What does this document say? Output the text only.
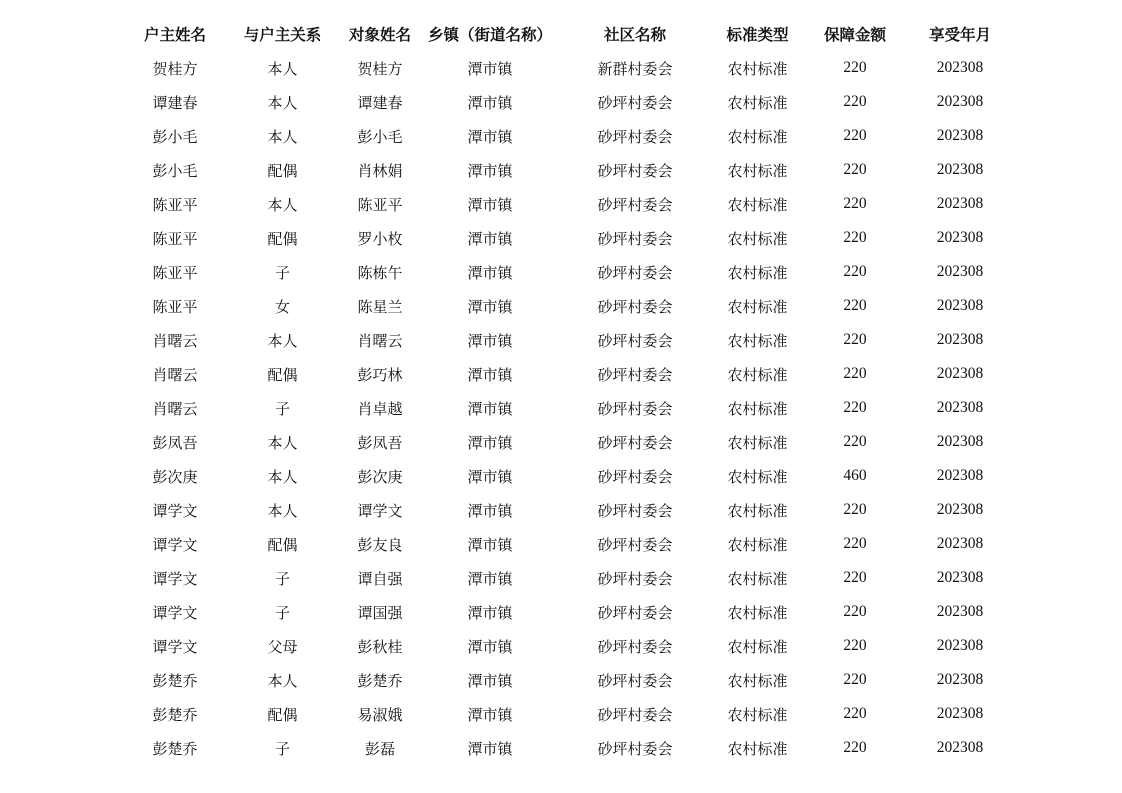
户主姓名	与户主关系	对象姓名	乡镇（街道名称）	社区名称	标准类型	保障金额	享受年月
贺桂方	本人	贺桂方	潭市镇	新群村委会	农村标准	220	202308
谭建春	本人	谭建春	潭市镇	砂坪村委会	农村标准	220	202308
彭小毛	本人	彭小毛	潭市镇	砂坪村委会	农村标准	220	202308
彭小毛	配偶	肖林娟	潭市镇	砂坪村委会	农村标准	220	202308
陈亚平	本人	陈亚平	潭市镇	砂坪村委会	农村标准	220	202308
陈亚平	配偶	罗小枚	潭市镇	砂坪村委会	农村标准	220	202308
陈亚平	子	陈栋午	潭市镇	砂坪村委会	农村标准	220	202308
陈亚平	女	陈星兰	潭市镇	砂坪村委会	农村标准	220	202308
肖曙云	本人	肖曙云	潭市镇	砂坪村委会	农村标准	220	202308
肖曙云	配偶	彭巧林	潭市镇	砂坪村委会	农村标准	220	202308
肖曙云	子	肖卓越	潭市镇	砂坪村委会	农村标准	220	202308
彭凤吾	本人	彭凤吾	潭市镇	砂坪村委会	农村标准	220	202308
彭次庚	本人	彭次庚	潭市镇	砂坪村委会	农村标准	460	202308
谭学文	本人	谭学文	潭市镇	砂坪村委会	农村标准	220	202308
谭学文	配偶	彭友良	潭市镇	砂坪村委会	农村标准	220	202308
谭学文	子	谭自强	潭市镇	砂坪村委会	农村标准	220	202308
谭学文	子	谭国强	潭市镇	砂坪村委会	农村标准	220	202308
谭学文	父母	彭秋桂	潭市镇	砂坪村委会	农村标准	220	202308
彭楚乔	本人	彭楚乔	潭市镇	砂坪村委会	农村标准	220	202308
彭楚乔	配偶	易淑娥	潭市镇	砂坪村委会	农村标准	220	202308
彭楚乔	子	彭磊	潭市镇	砂坪村委会	农村标准	220	202308
